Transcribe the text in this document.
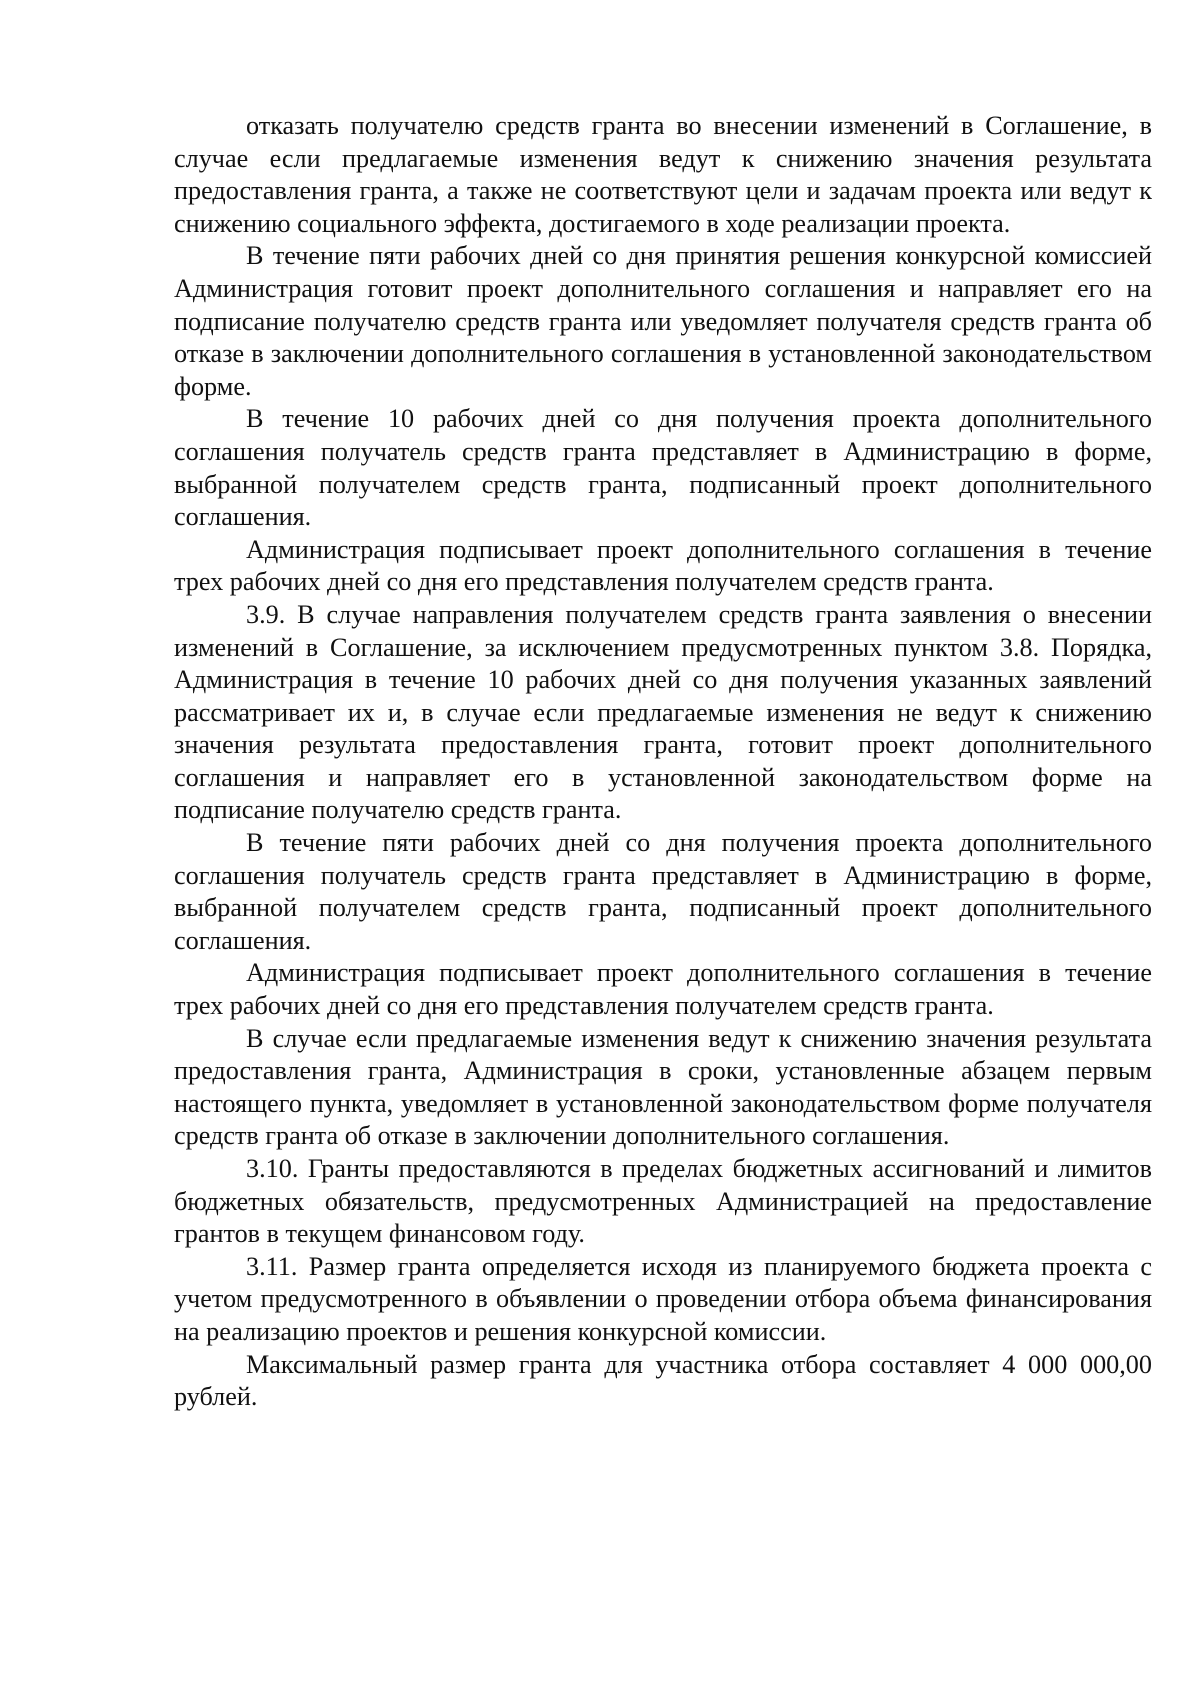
отказать получателю средств гранта во внесении изменений в Соглашение, в случае если предлагаемые изменения ведут к снижению значения результата предоставления гранта, а также не соответствуют цели и задачам проекта или ведут к снижению социального эффекта, достигаемого в ходе реализации проекта.

В течение пяти рабочих дней со дня принятия решения конкурсной комиссией Администрация готовит проект дополнительного соглашения и направляет его на подписание получателю средств гранта или уведомляет получателя средств гранта об отказе в заключении дополнительного соглашения в установленной законодательством форме.

В течение 10 рабочих дней со дня получения проекта дополнительного соглашения получатель средств гранта представляет в Администрацию в форме, выбранной получателем средств гранта, подписанный проект дополнительного соглашения.

Администрация подписывает проект дополнительного соглашения в течение трех рабочих дней со дня его представления получателем средств гранта.

3.9. В случае направления получателем средств гранта заявления о внесении изменений в Соглашение, за исключением предусмотренных пунктом 3.8. Порядка, Администрация в течение 10 рабочих дней со дня получения указанных заявлений рассматривает их и, в случае если предлагаемые изменения не ведут к снижению значения результата предоставления гранта, готовит проект дополнительного соглашения и направляет его в установленной законодательством форме на подписание получателю средств гранта.

В течение пяти рабочих дней со дня получения проекта дополнительного соглашения получатель средств гранта представляет в Администрацию в форме, выбранной получателем средств гранта, подписанный проект дополнительного соглашения.

Администрация подписывает проект дополнительного соглашения в течение трех рабочих дней со дня его представления получателем средств гранта.

В случае если предлагаемые изменения ведут к снижению значения результата предоставления гранта, Администрация в сроки, установленные абзацем первым настоящего пункта, уведомляет в установленной законодательством форме получателя средств гранта об отказе в заключении дополнительного соглашения.

3.10. Гранты предоставляются в пределах бюджетных ассигнований и лимитов бюджетных обязательств, предусмотренных Администрацией на предоставление грантов в текущем финансовом году.

3.11. Размер гранта определяется исходя из планируемого бюджета проекта с учетом предусмотренного в объявлении о проведении отбора объема финансирования на реализацию проектов и решения конкурсной комиссии.

Максимальный размер гранта для участника отбора составляет 4 000 000,00 рублей.
